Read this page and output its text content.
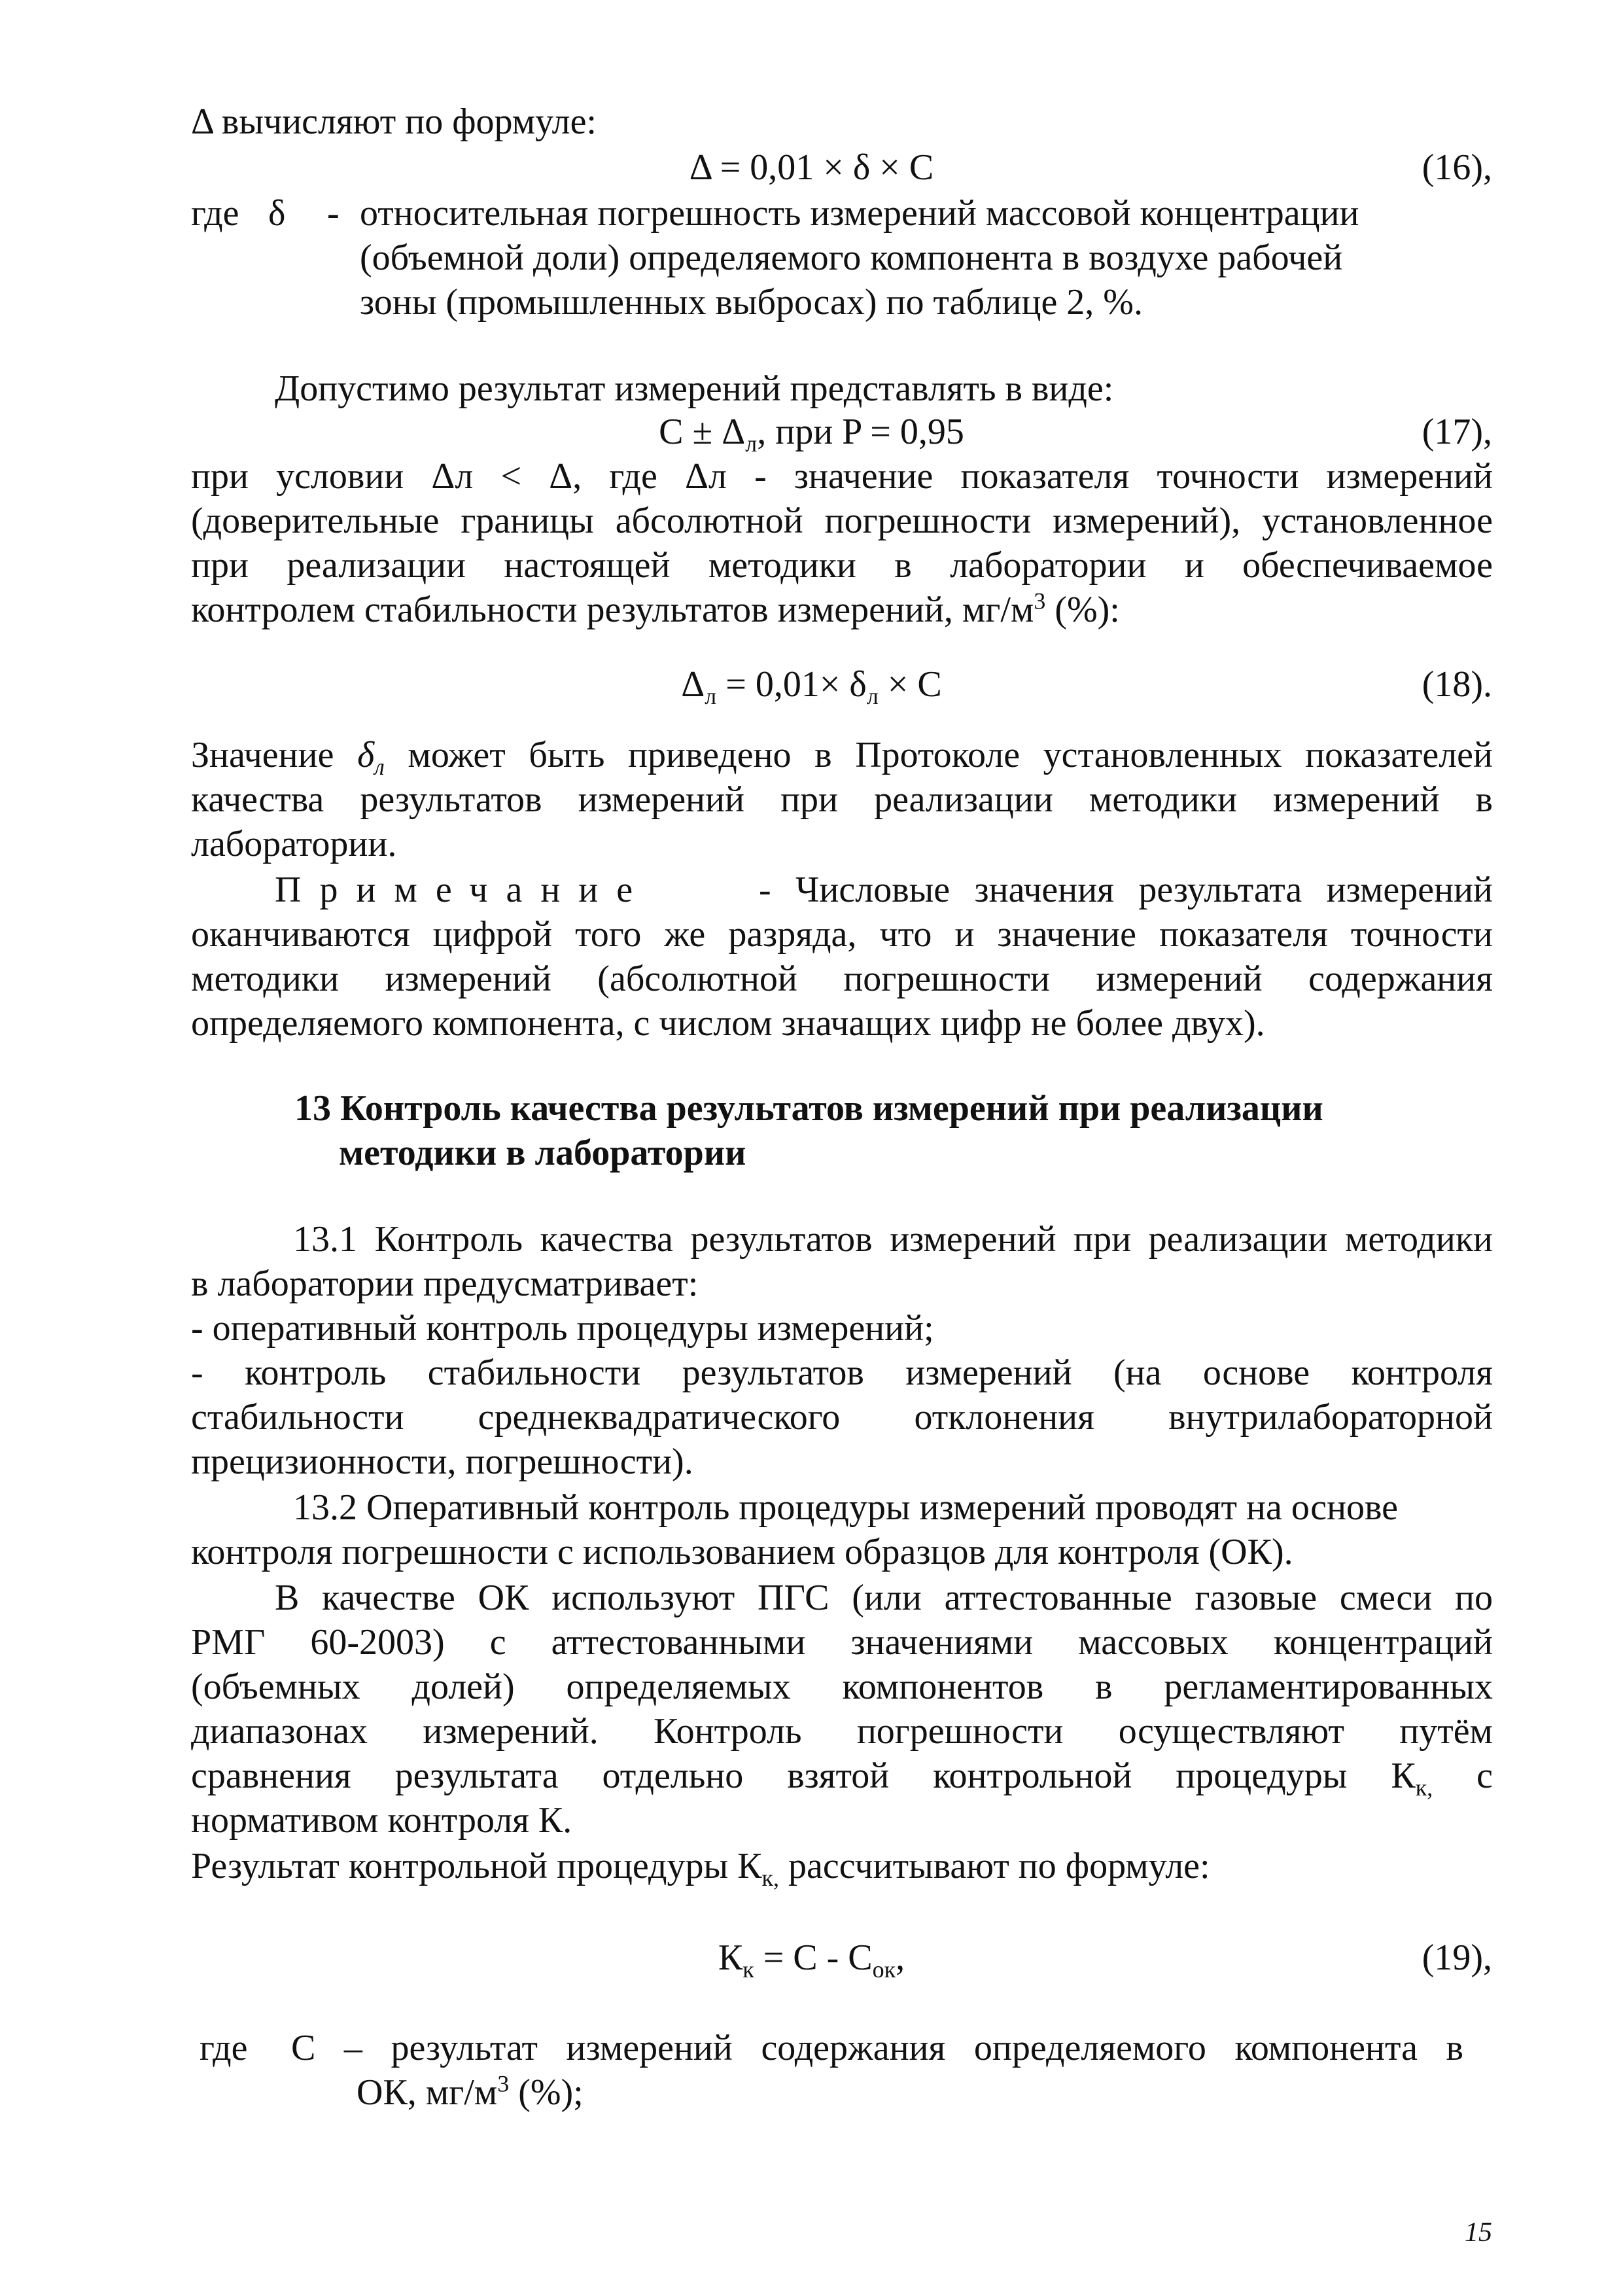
Δ вычисляют по формуле:
Δ = 0,01 × δ × C	(16),
где δ - относительная погрешность измерений массовой концентрации
(объемной доли) определяемого компонента в воздухе рабочей
зоны (промышленных выбросах) по таблице 2, %.
Допустимо результат измерений представлять в виде:
$C \pm \Delta_л$, при P = 0,95	(17),
при условии Δл < Δ, где Δл - значение показателя точности измерений
(доверительные границы абсолютной погрешности измерений), установленное
при реализации настоящей методики в лаборатории и обеспечиваемое
контролем стабильности результатов измерений, $мг/м^3$ (%):
$\Delta_л = 0,01\times \delta_л \times C$	(18).
Значение $\delta_л$ может быть приведено в Протоколе установленных показателей
качества результатов измерений при реализации методики измерений в
лаборатории.
Примечание	- Числовые значения результата измерений
оканчиваются цифрой того же разряда, что и значение показателя точности
методики измерений (абсолютной погрешности измерений содержания
определяемого компонента, с числом значащих цифр не более двух).
13 Контроль качества результатов измерений при реализации
методики в лаборатории
13.1 Контроль качества результатов измерений при реализации методики
в лаборатории предусматривает:
- оперативный контроль процедуры измерений;
- контроль стабильности результатов измерений (на основе контроля
стабильности среднеквадратического отклонения внутрилабораторной
прецизионности, погрешности).
13.2 Оперативный контроль процедуры измерений проводят на основе
контроля погрешности с использованием образцов для контроля (ОК).
В качестве ОК используют ПГС (или аттестованные газовые смеси по
РМГ 60-2003) с аттестованными значениями массовых концентраций
(объемных долей) определяемых компонентов в регламентированных
диапазонах измерений. Контроль погрешности осуществляют путём
сравнения результата отдельно взятой контрольной процедуры $К_{к,}$ с
нормативом контроля К.
Результат контрольной процедуры $К_{к,}$ рассчитывают по формуле:
$К_к = C - C_{ок}$,	(19),
где C – результат измерений содержания определяемого компонента в
ОК, $мг/м^3$ (%);
15
